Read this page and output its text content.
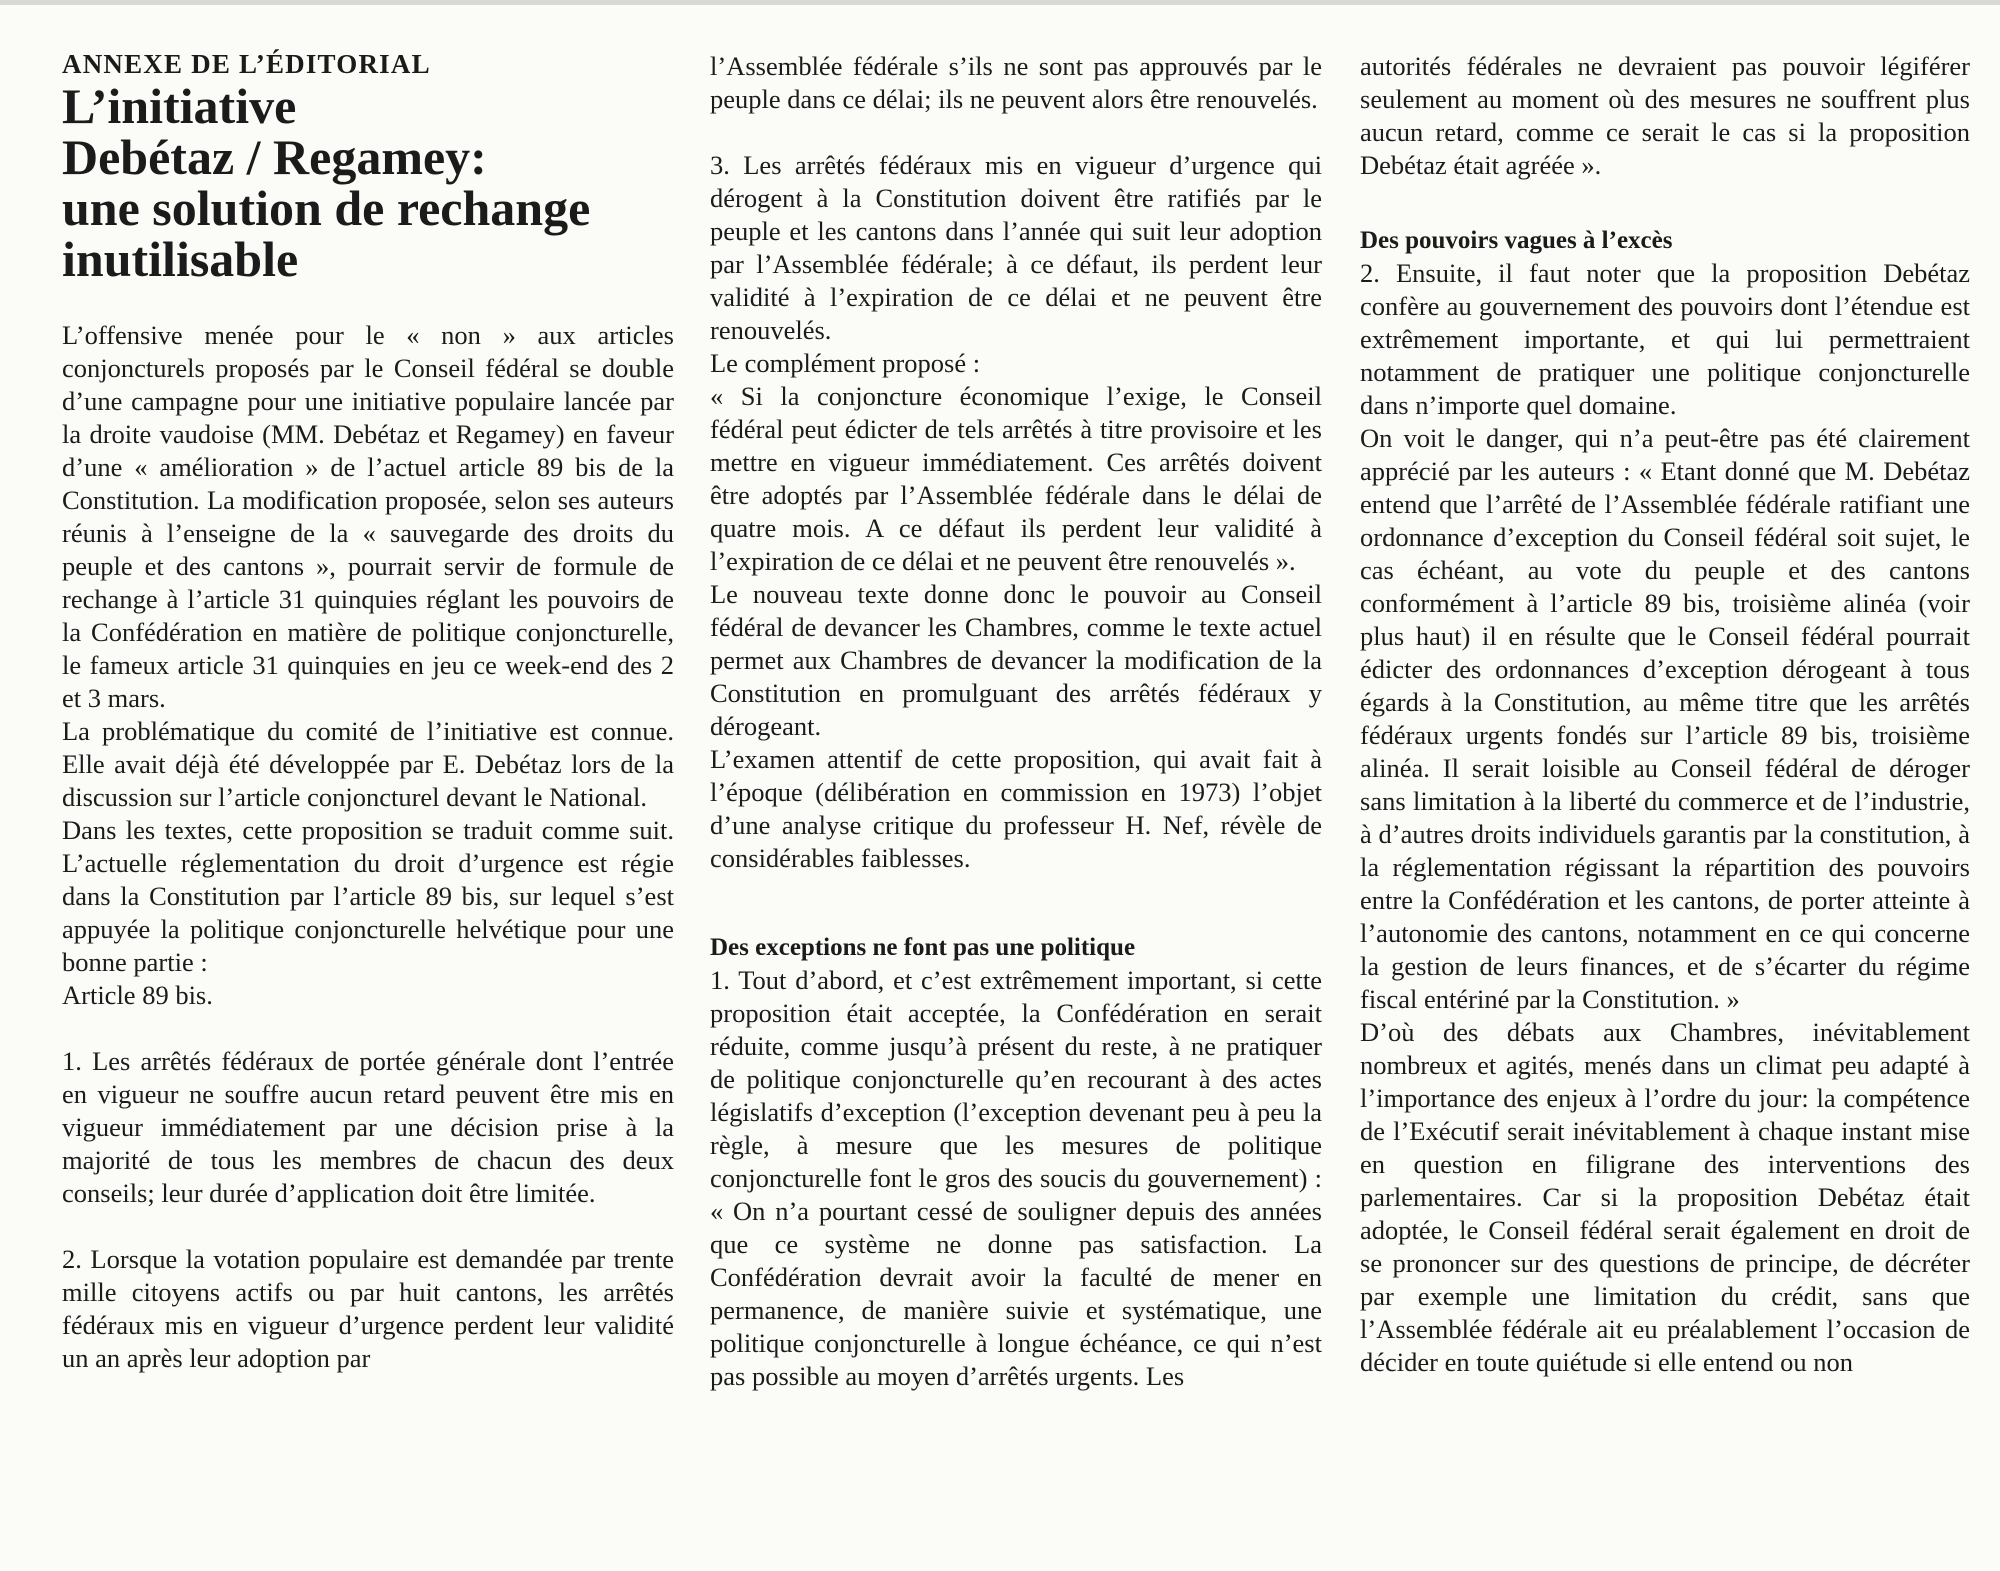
ANNEXE DE L’ÉDITORIAL

L’initiative
Debétaz / Regamey:
une solution de rechange
inutilisable

L’offensive menée pour le « non » aux articles conjoncturels proposés par le Conseil fédéral se double d’une campagne pour une initiative populaire lancée par la droite vaudoise (MM. Debétaz et Regamey) en faveur d’une « amélioration » de l’actuel article 89 bis de la Constitution. La modification proposée, selon ses auteurs réunis à l’enseigne de la « sauvegarde des droits du peuple et des cantons », pourrait servir de formule de rechange à l’article 31 quinquies réglant les pouvoirs de la Confédération en matière de politique conjoncturelle, le fameux article 31 quinquies en jeu ce week-end des 2 et 3 mars.

La problématique du comité de l’initiative est connue. Elle avait déjà été développée par E. Debétaz lors de la discussion sur l’article conjoncturel devant le National.

Dans les textes, cette proposition se traduit comme suit. L’actuelle réglementation du droit d’urgence est régie dans la Constitution par l’article 89 bis, sur lequel s’est appuyée la politique conjoncturelle helvétique pour une bonne partie :

Article 89 bis.

1. Les arrêtés fédéraux de portée générale dont l’entrée en vigueur ne souffre aucun retard peuvent être mis en vigueur immédiatement par une décision prise à la majorité de tous les membres de chacun des deux conseils; leur durée d’application doit être limitée.

2. Lorsque la votation populaire est demandée par trente mille citoyens actifs ou par huit cantons, les arrêtés fédéraux mis en vigueur d’urgence perdent leur validité un an après leur adoption par

l’Assemblée fédérale s’ils ne sont pas approuvés par le peuple dans ce délai; ils ne peuvent alors être renouvelés.

3. Les arrêtés fédéraux mis en vigueur d’urgence qui dérogent à la Constitution doivent être ratifiés par le peuple et les cantons dans l’année qui suit leur adoption par l’Assemblée fédérale; à ce défaut, ils perdent leur validité à l’expiration de ce délai et ne peuvent être renouvelés.

Le complément proposé :

« Si la conjoncture économique l’exige, le Conseil fédéral peut édicter de tels arrêtés à titre provisoire et les mettre en vigueur immédiatement. Ces arrêtés doivent être adoptés par l’Assemblée fédérale dans le délai de quatre mois. A ce défaut ils perdent leur validité à l’expiration de ce délai et ne peuvent être renouvelés ».

Le nouveau texte donne donc le pouvoir au Conseil fédéral de devancer les Chambres, comme le texte actuel permet aux Chambres de devancer la modification de la Constitution en promulguant des arrêtés fédéraux y dérogeant.

L’examen attentif de cette proposition, qui avait fait à l’époque (délibération en commission en 1973) l’objet d’une analyse critique du professeur H. Nef, révèle de considérables faiblesses.

Des exceptions ne font pas une politique

1. Tout d’abord, et c’est extrêmement important, si cette proposition était acceptée, la Confédération en serait réduite, comme jusqu’à présent du reste, à ne pratiquer de politique conjoncturelle qu’en recourant à des actes législatifs d’exception (l’exception devenant peu à peu la règle, à mesure que les mesures de politique conjoncturelle font le gros des soucis du gouvernement) : « On n’a pourtant cessé de souligner depuis des années que ce système ne donne pas satisfaction. La Confédération devrait avoir la faculté de mener en permanence, de manière suivie et systématique, une politique conjoncturelle à longue échéance, ce qui n’est pas possible au moyen d’arrêtés urgents. Les

autorités fédérales ne devraient pas pouvoir légiférer seulement au moment où des mesures ne souffrent plus aucun retard, comme ce serait le cas si la proposition Debétaz était agréée ».

Des pouvoirs vagues à l’excès

2. Ensuite, il faut noter que la proposition Debétaz confère au gouvernement des pouvoirs dont l’étendue est extrêmement importante, et qui lui permettraient notamment de pratiquer une politique conjoncturelle dans n’importe quel domaine.

On voit le danger, qui n’a peut-être pas été clairement apprécié par les auteurs : « Etant donné que M. Debétaz entend que l’arrêté de l’Assemblée fédérale ratifiant une ordonnance d’exception du Conseil fédéral soit sujet, le cas échéant, au vote du peuple et des cantons conformément à l’article 89 bis, troisième alinéa (voir plus haut) il en résulte que le Conseil fédéral pourrait édicter des ordonnances d’exception dérogeant à tous égards à la Constitution, au même titre que les arrêtés fédéraux urgents fondés sur l’article 89 bis, troisième alinéa. Il serait loisible au Conseil fédéral de déroger sans limitation à la liberté du commerce et de l’industrie, à d’autres droits individuels garantis par la constitution, à la réglementation régissant la répartition des pouvoirs entre la Confédération et les cantons, de porter atteinte à l’autonomie des cantons, notamment en ce qui concerne la gestion de leurs finances, et de s’écarter du régime fiscal entériné par la Constitution. »

D’où des débats aux Chambres, inévitablement nombreux et agités, menés dans un climat peu adapté à l’importance des enjeux à l’ordre du jour: la compétence de l’Exécutif serait inévitablement à chaque instant mise en question en filigrane des interventions des parlementaires. Car si la proposition Debétaz était adoptée, le Conseil fédéral serait également en droit de se prononcer sur des questions de principe, de décréter par exemple une limitation du crédit, sans que l’Assemblée fédérale ait eu préalablement l’occasion de décider en toute quiétude si elle entend ou non
